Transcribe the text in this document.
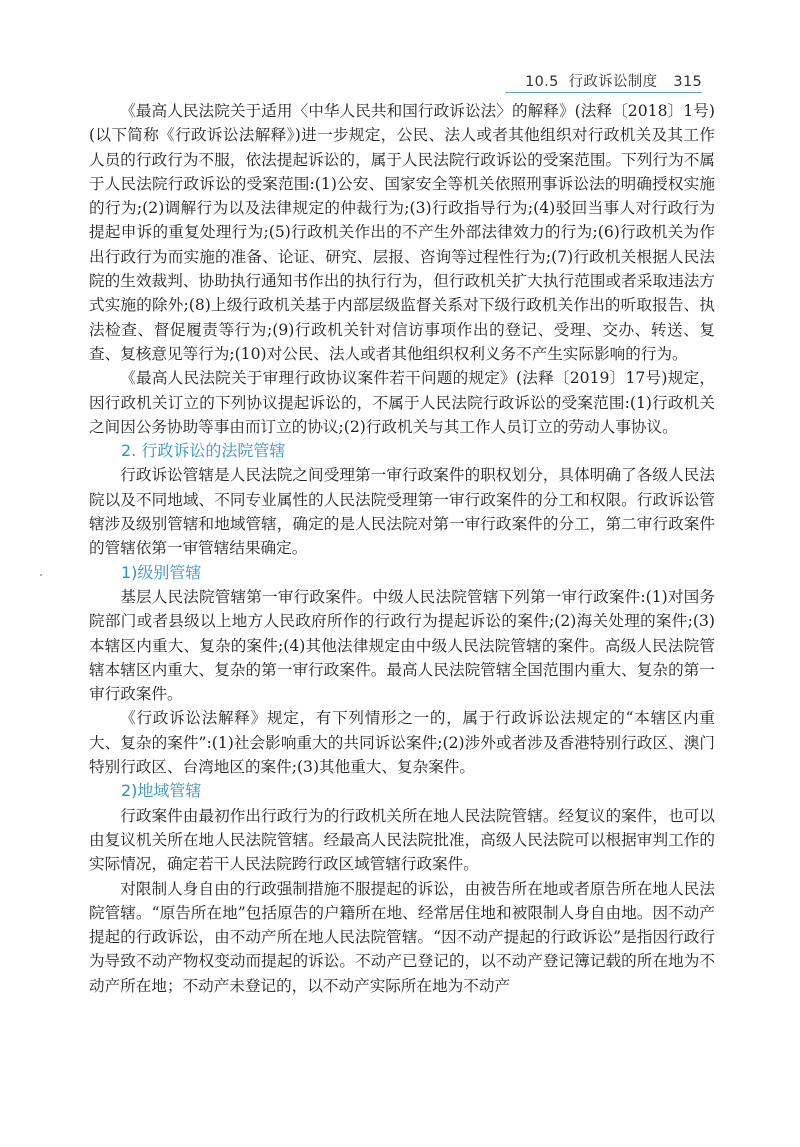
10.5 行政诉讼制度 315

《最高人民法院关于适用〈中华人民共和国行政诉讼法〉的解释》(法释〔2018〕1号)(以下简称《行政诉讼法解释》)进一步规定，公民、法人或者其他组织对行政机关及其工作人员的行政行为不服，依法提起诉讼的，属于人民法院行政诉讼的受案范围。下列行为不属于人民法院行政诉讼的受案范围:(1)公安、国家安全等机关依照刑事诉讼法的明确授权实施的行为;(2)调解行为以及法律规定的仲裁行为;(3)行政指导行为;(4)驳回当事人对行政行为提起申诉的重复处理行为;(5)行政机关作出的不产生外部法律效力的行为;(6)行政机关为作出行政行为而实施的准备、论证、研究、层报、咨询等过程性行为;(7)行政机关根据人民法院的生效裁判、协助执行通知书作出的执行行为，但行政机关扩大执行范围或者采取违法方式实施的除外;(8)上级行政机关基于内部层级监督关系对下级行政机关作出的听取报告、执法检查、督促履责等行为;(9)行政机关针对信访事项作出的登记、受理、交办、转送、复查、复核意见等行为;(10)对公民、法人或者其他组织权利义务不产生实际影响的行为。

《最高人民法院关于审理行政协议案件若干问题的规定》(法释〔2019〕17号)规定，因行政机关订立的下列协议提起诉讼的，不属于人民法院行政诉讼的受案范围:(1)行政机关之间因公务协助等事由而订立的协议;(2)行政机关与其工作人员订立的劳动人事协议。

2. 行政诉讼的法院管辖

行政诉讼管辖是人民法院之间受理第一审行政案件的职权划分，具体明确了各级人民法院以及不同地域、不同专业属性的人民法院受理第一审行政案件的分工和权限。行政诉讼管辖涉及级别管辖和地域管辖，确定的是人民法院对第一审行政案件的分工，第二审行政案件的管辖依第一审管辖结果确定。

1)级别管辖

基层人民法院管辖第一审行政案件。中级人民法院管辖下列第一审行政案件:(1)对国务院部门或者县级以上地方人民政府所作的行政行为提起诉讼的案件;(2)海关处理的案件;(3)本辖区内重大、复杂的案件;(4)其他法律规定由中级人民法院管辖的案件。高级人民法院管辖本辖区内重大、复杂的第一审行政案件。最高人民法院管辖全国范围内重大、复杂的第一审行政案件。

《行政诉讼法解释》规定，有下列情形之一的，属于行政诉讼法规定的“本辖区内重大、复杂的案件”:(1)社会影响重大的共同诉讼案件;(2)涉外或者涉及香港特别行政区、澳门特别行政区、台湾地区的案件;(3)其他重大、复杂案件。

2)地域管辖

行政案件由最初作出行政行为的行政机关所在地人民法院管辖。经复议的案件，也可以由复议机关所在地人民法院管辖。经最高人民法院批准，高级人民法院可以根据审判工作的实际情况，确定若干人民法院跨行政区域管辖行政案件。

对限制人身自由的行政强制措施不服提起的诉讼，由被告所在地或者原告所在地人民法院管辖。“原告所在地”包括原告的户籍所在地、经常居住地和被限制人身自由地。因不动产提起的行政诉讼，由不动产所在地人民法院管辖。“因不动产提起的行政诉讼”是指因行政行为导致不动产物权变动而提起的诉讼。不动产已登记的，以不动产登记簿记载的所在地为不动产所在地；不动产未登记的，以不动产实际所在地为不动产
